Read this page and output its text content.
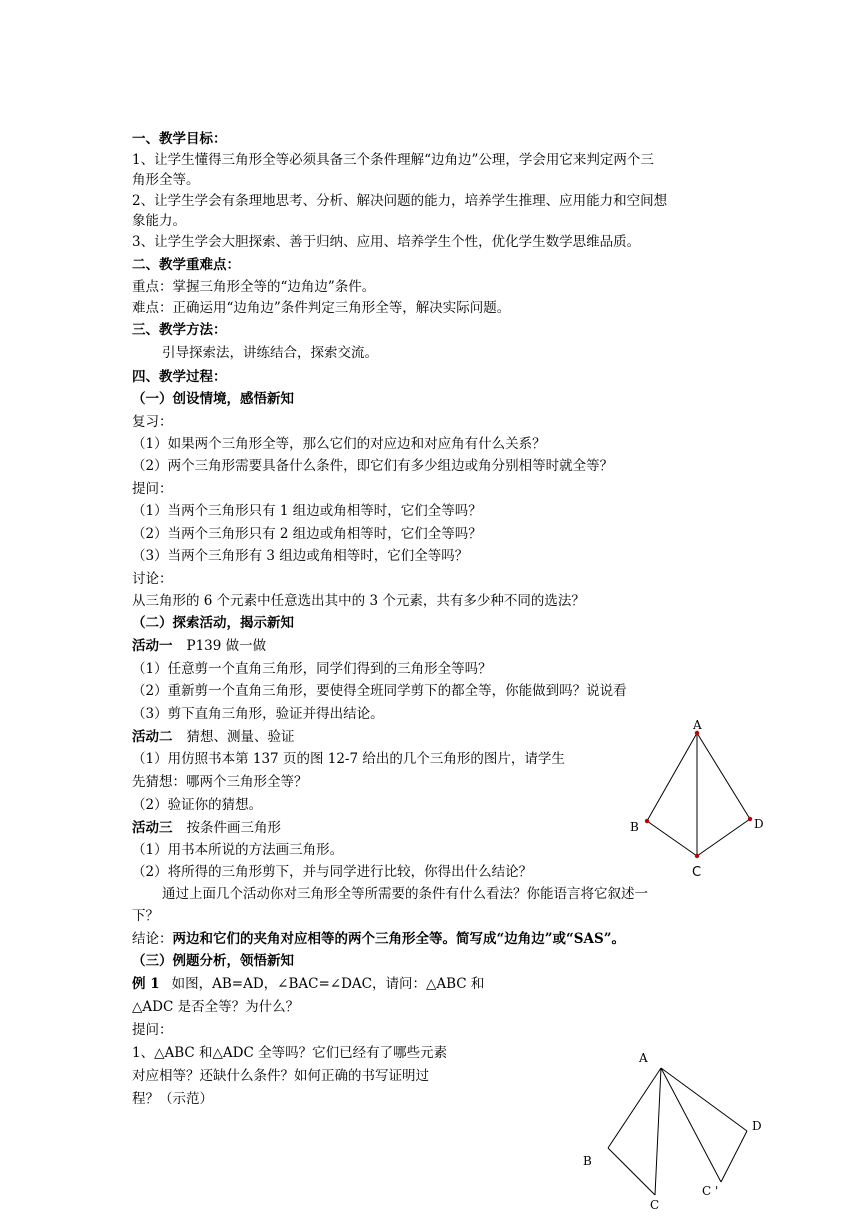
一、教学目标：
1、让学生懂得三角形全等必须具备三个条件理解“边角边”公理，学会用它来判定两个三
角形全等。
2、让学生学会有条理地思考、分析、解决问题的能力，培养学生推理、应用能力和空间想
象能力。
3、让学生学会大胆探索、善于归纳、应用、培养学生个性，优化学生数学思维品质。
二、教学重难点：
重点：掌握三角形全等的“边角边”条件。
难点：正确运用“边角边”条件判定三角形全等，解决实际问题。
三、教学方法：
引导探索法，讲练结合，探索交流。
四、教学过程：
（一）创设情境，感悟新知
复习：
（1）如果两个三角形全等，那么它们的对应边和对应角有什么关系？
（2）两个三角形需要具备什么条件，即它们有多少组边或角分别相等时就全等？
提问：
（1）当两个三角形只有 1 组边或角相等时，它们全等吗？
（2）当两个三角形只有 2 组边或角相等时，它们全等吗？
（3）当两个三角形有 3 组边或角相等时，它们全等吗？
讨论：
从三角形的 6 个元素中任意选出其中的 3 个元素，共有多少种不同的选法？
（二）探索活动，揭示新知
活动一 P139 做一做
（1）任意剪一个直角三角形，同学们得到的三角形全等吗？
（2）重新剪一个直角三角形，要使得全班同学剪下的都全等，你能做到吗？说说看
（3）剪下直角三角形，验证并得出结论。
活动二 猜想、测量、验证
（1）用仿照书本第 137 页的图 12-7 给出的几个三角形的图片，请学生
先猜想：哪两个三角形全等？
（2）验证你的猜想。
活动三 按条件画三角形
（1）用书本所说的方法画三角形。
（2）将所得的三角形剪下，并与同学进行比较，你得出什么结论？
通过上面几个活动你对三角形全等所需要的条件有什么看法？你能语言将它叙述一
下？
结论：两边和它们的夹角对应相等的两个三角形全等。简写成“边角边”或“SAS”。
（三）例题分析，领悟新知
例 1 如图，AB=AD，∠BAC=∠DAC，请问：△ABC 和
△ADC 是否全等？为什么？
提问：
1、△ABC 和△ADC 全等吗？它们已经有了哪些元素
对应相等？还缺什么条件？如何正确的书写证明过
程？（示范）
A
B
C
D
A
B
C
C '
D
